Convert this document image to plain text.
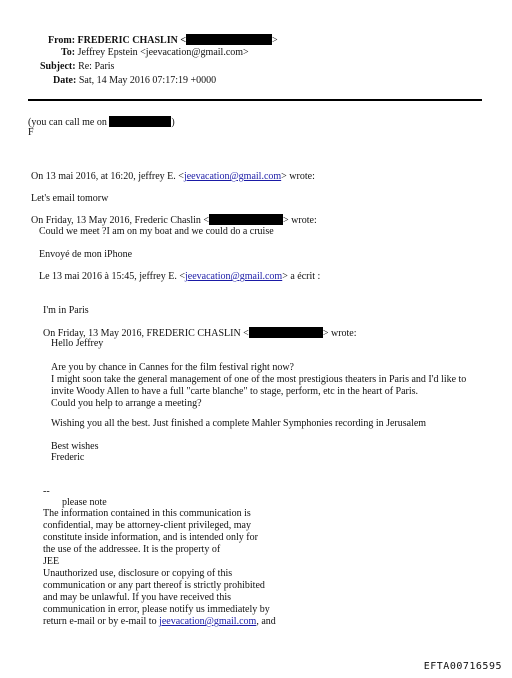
From: FREDERIC CHASLIN <	>
To: Jeffrey Epstein <jeevacation@gmail.com>
Subject: Re: Paris
Date: Sat, 14 May 2016 07:17:19 +0000
(you can call me on	)
F
On 13 mai 2016, at 16:20, jeffrey E. <jeevacation@gmail.com> wrote:
Let's email tomorw
On Friday, 13 May 2016, Frederic Chaslin <	> wrote:
Could we meet ?I am on my boat and we could do a cruise
Envoyé de mon iPhone
Le 13 mai 2016 à 15:45, jeffrey E. <jeevacation@gmail.com> a écrit :
I'm in Paris
On Friday, 13 May 2016, FREDERIC CHASLIN <	> wrote:
Hello Jeffrey
Are you by chance in Cannes for the film festival right now?
I might soon take the general management of one of the most prestigious theaters in Paris and I'd like to
invite Woody Allen to have a full "carte blanche" to stage, perform, etc in the heart of Paris.
Could you help to arrange a meeting?
Wishing you all the best. Just finished a complete Mahler Symphonies recording in Jerusalem
Best wishes
Frederic
--
please note
The information contained in this communication is
confidential, may be attorney-client privileged, may
constitute inside information, and is intended only for
the use of the addressee. It is the property of
JEE
Unauthorized use, disclosure or copying of this
communication or any part thereof is strictly prohibited
and may be unlawful. If you have received this
communication in error, please notify us immediately by
return e-mail or by e-mail to jeevacation@gmail.com, and
EFTA00716595
